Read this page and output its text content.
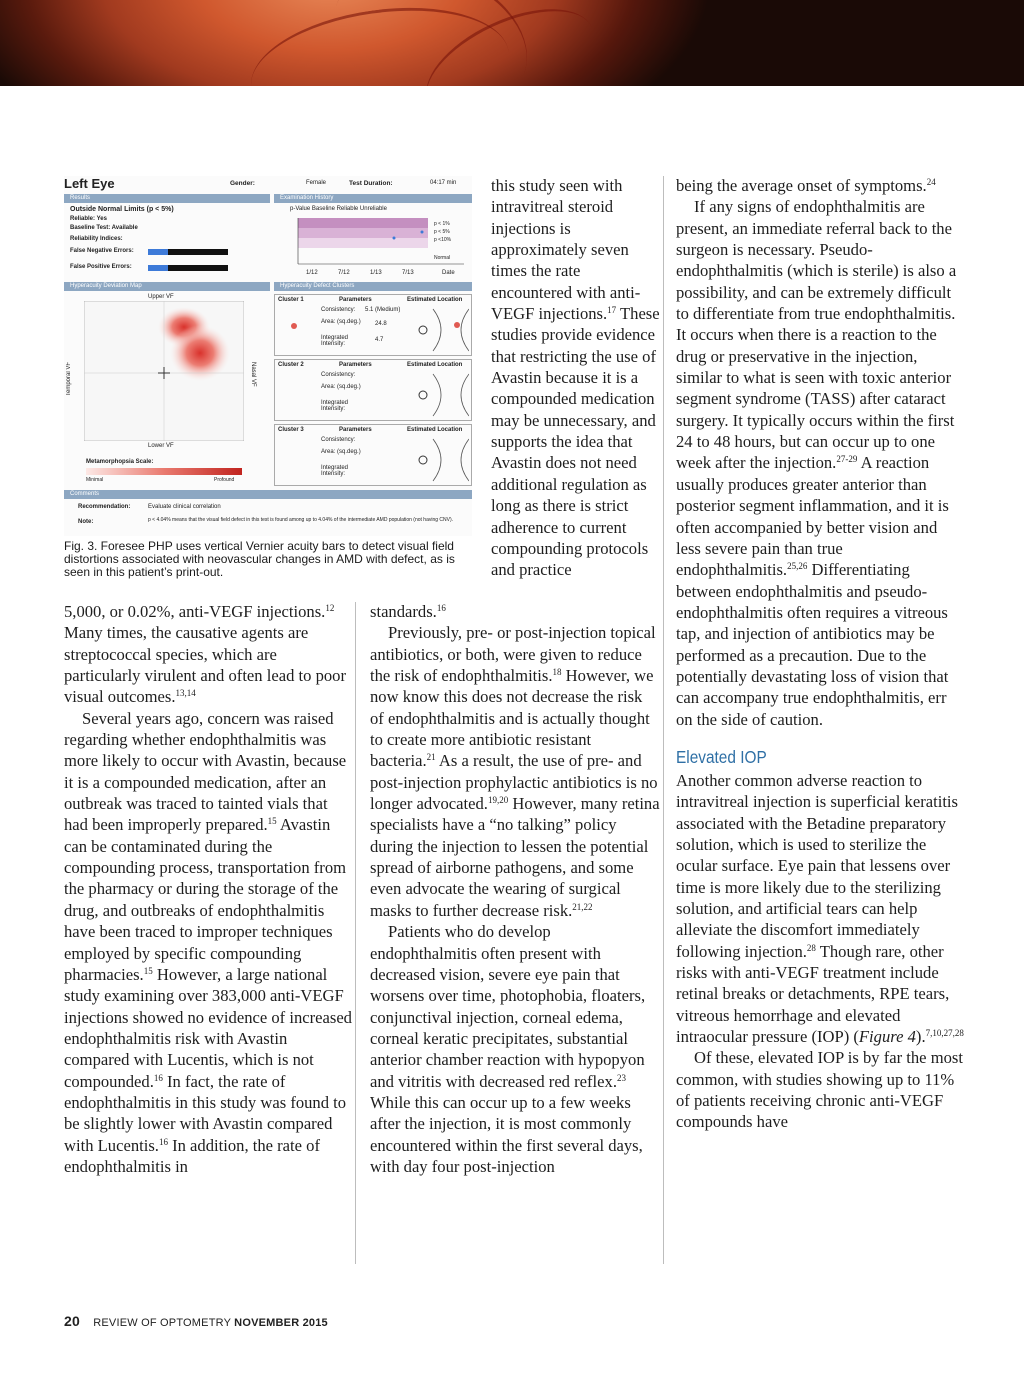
Left Eye	Gender:	Female	Test Duration:	04:17 min
Results
Outside Normal Limits (p < 5%)
Reliable: Yes
Baseline Test: Available
Reliability Indices:
False Negative Errors:
False Positive Errors:
Examination History
p-Value Baseline Reliable Unreliable
p < 1%
p < 5%
p <10%
Normal
1/12	7/12	1/13	7/13	Date
Hyperacuity Deviation Map
Upper VF
Temporal VF	Nasal VF
Lower VF
Metamorphopsia Scale:
Minimal	Profound
Hyperacuity Defect Clusters
Cluster 1	Parameters	Estimated Location
Consistency: 5.1 (Medium)
Area: (sq.deg.) 24.8
Integrated Intensity:
4.7
Cluster 2	Parameters	Estimated Location
Consistency:
Area: (sq.deg.)
Integrated Intensity:
Cluster 3	Parameters	Estimated Location
Consistency:
Area: (sq.deg.)
Integrated Intensity:
Comments
Recommendation:	Evaluate clinical correlation
Note:	p < 4.04% means that the visual field defect in this test is found among up to 4.04% of the intermediate AMD population (not having CNV).
Fig. 3. Foresee PHP uses vertical Vernier acuity bars to detect visual field distortions associated with neovascular changes in AMD with defect, as is seen in this patient’s print-out.

this study seen with intravitreal steroid injections is approximately seven times the rate encountered with anti-VEGF injections.$^{17}$ These studies provide evidence that restricting the use of Avastin because it is a compounded medication may be unnecessary, and supports the idea that Avastin does not need additional regulation as long as there is strict adherence to current compounding protocols and practice

5,000, or 0.02%, anti-VEGF injections.$^{12}$ Many times, the causative agents are streptococcal species, which are particularly virulent and often lead to poor visual outcomes.$^{13,14}$

Several years ago, concern was raised regarding whether endophthalmitis was more likely to occur with Avastin, because it is a compounded medication, after an outbreak was traced to tainted vials that had been improperly prepared.$^{15}$ Avastin can be contaminated during the compounding process, transportation from the pharmacy or during the storage of the drug, and outbreaks of endophthalmitis have been traced to improper techniques employed by specific compounding pharmacies.$^{15}$ However, a large national study examining over 383,000 anti-VEGF injections showed no evidence of increased endophthalmitis risk with Avastin compared with Lucentis, which is not compounded.$^{16}$ In fact, the rate of endophthalmitis in this study was found to be slightly lower with Avastin compared with Lucentis.$^{16}$ In addition, the rate of endophthalmitis in

standards.$^{16}$

Previously, pre- or post-injection topical antibiotics, or both, were given to reduce the risk of endophthalmitis.$^{18}$ However, we now know this does not decrease the risk of endophthalmitis and is actually thought to create more antibiotic resistant bacteria.$^{21}$ As a result, the use of pre- and post-injection prophylactic antibiotics is no longer advocated.$^{19,20}$ However, many retina specialists have a “no talking” policy during the injection to lessen the potential spread of airborne pathogens, and some even advocate the wearing of surgical masks to further decrease risk.$^{21,22}$

Patients who do develop endophthalmitis often present with decreased vision, severe eye pain that worsens over time, photophobia, floaters, conjunctival injection, corneal edema, corneal keratic precipitates, substantial anterior chamber reaction with hypopyon and vitritis with decreased red reflex.$^{23}$ While this can occur up to a few weeks after the injection, it is most commonly encountered within the first several days, with day four post-injection

being the average onset of symptoms.$^{24}$

If any signs of endophthalmitis are present, an immediate referral back to the surgeon is necessary. Pseudo-endophthalmitis (which is sterile) is also a possibility, and can be extremely difficult to differentiate from true endophthalmitis. It occurs when there is a reaction to the drug or preservative in the injection, similar to what is seen with toxic anterior segment syndrome (TASS) after cataract surgery. It typically occurs within the first 24 to 48 hours, but can occur up to one week after the injection.$^{27-29}$ A reaction usually produces greater anterior than posterior segment inflammation, and it is often accompanied by better vision and less severe pain than true endophthalmitis.$^{25,26}$ Differentiating between endophthalmitis and pseudo-endophthalmitis often requires a vitreous tap, and injection of antibiotics may be performed as a precaution. Due to the potentially devastating loss of vision that can accompany true endophthalmitis, err on the side of caution.

Elevated IOP

Another common adverse reaction to intravitreal injection is superficial keratitis associated with the Betadine preparatory solution, which is used to sterilize the ocular surface. Eye pain that lessens over time is more likely due to the sterilizing solution, and artificial tears can help alleviate the discomfort immediately following injection.$^{28}$ Though rare, other risks with anti-VEGF treatment include retinal breaks or detachments, RPE tears, vitreous hemorrhage and elevated intraocular pressure (IOP) (Figure 4).$^{7,10,27,28}$

Of these, elevated IOP is by far the most common, with studies showing up to 11% of patients receiving chronic anti-VEGF compounds have

20 REVIEW OF OPTOMETRY NOVEMBER 2015
